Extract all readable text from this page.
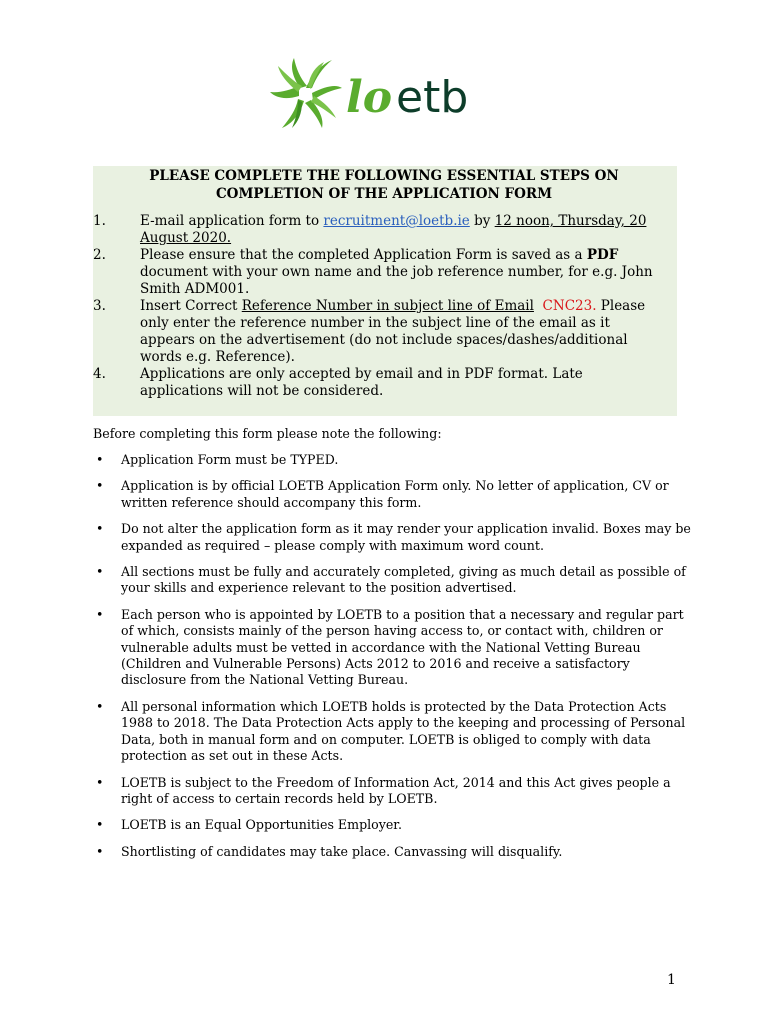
lo etb

PLEASE COMPLETE THE FOLLOWING ESSENTIAL STEPS ON
COMPLETION OF THE APPLICATION FORM

1.	E-mail application form to recruitment@loetb.ie by 12 noon, Thursday, 20 August 2020.
2.	Please ensure that the completed Application Form is saved as a PDF document with your own name and the job reference number, for e.g. John Smith ADM001.
3.	Insert Correct Reference Number in subject line of Email CNC23. Please only enter the reference number in the subject line of the email as it appears on the advertisement (do not include spaces/dashes/additional words e.g. Reference).
4.	Applications are only accepted by email and in PDF format. Late applications will not be considered.

Before completing this form please note the following:

•	Application Form must be TYPED.
•	Application is by official LOETB Application Form only. No letter of application, CV or written reference should accompany this form.
•	Do not alter the application form as it may render your application invalid. Boxes may be expanded as required – please comply with maximum word count.
•	All sections must be fully and accurately completed, giving as much detail as possible of your skills and experience relevant to the position advertised.
•	Each person who is appointed by LOETB to a position that a necessary and regular part of which, consists mainly of the person having access to, or contact with, children or vulnerable adults must be vetted in accordance with the National Vetting Bureau (Children and Vulnerable Persons) Acts 2012 to 2016 and receive a satisfactory disclosure from the National Vetting Bureau.
•	All personal information which LOETB holds is protected by the Data Protection Acts 1988 to 2018. The Data Protection Acts apply to the keeping and processing of Personal Data, both in manual form and on computer. LOETB is obliged to comply with data protection as set out in these Acts.
•	LOETB is subject to the Freedom of Information Act, 2014 and this Act gives people a right of access to certain records held by LOETB.
•	LOETB is an Equal Opportunities Employer.
•	Shortlisting of candidates may take place. Canvassing will disqualify.
1
